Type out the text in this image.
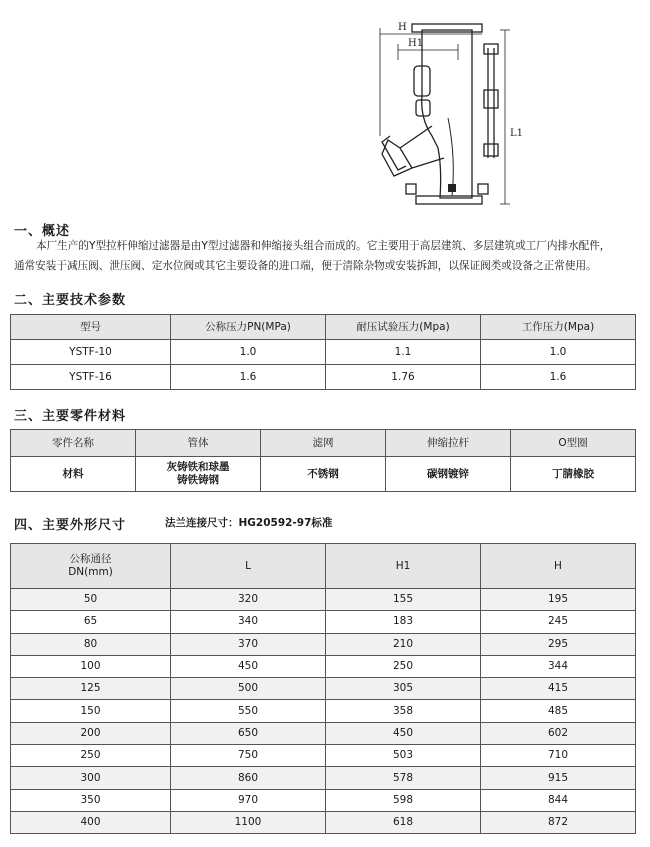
H
H1
L1
一、概述

本厂生产的Y型拉杆伸缩过滤器是由Y型过滤器和伸缩接头组合而成的。它主要用于高层建筑、多层建筑或工厂内排水配件，

通常安装于减压阀、泄压阀、定水位阀或其它主要设备的进口端，便于清除杂物或安装拆卸，以保证阀类或设备之正常使用。

二、主要技术参数
型号	公称压力PN(MPa)	耐压试验压力(Mpa)	工作压力(Mpa)
YSTF-10	1.0	1.1	1.0
YSTF-16	1.6	1.76	1.6
三、主要零件材料
零件名称	管体	滤网	伸缩拉杆	O型圈
材料	灰铸铁和球墨
铸铁铸钢	不锈钢	碳钢镀锌	丁腈橡胶
四、主要外形尺寸	法兰连接尺寸：HG20592-97标准
公称通径
DN(mm)	L	H1	H
50	320	155	195
65	340	183	245
80	370	210	295
100	450	250	344
125	500	305	415
150	550	358	485
200	650	450	602
250	750	503	710
300	860	578	915
350	970	598	844
400	1100	618	872
